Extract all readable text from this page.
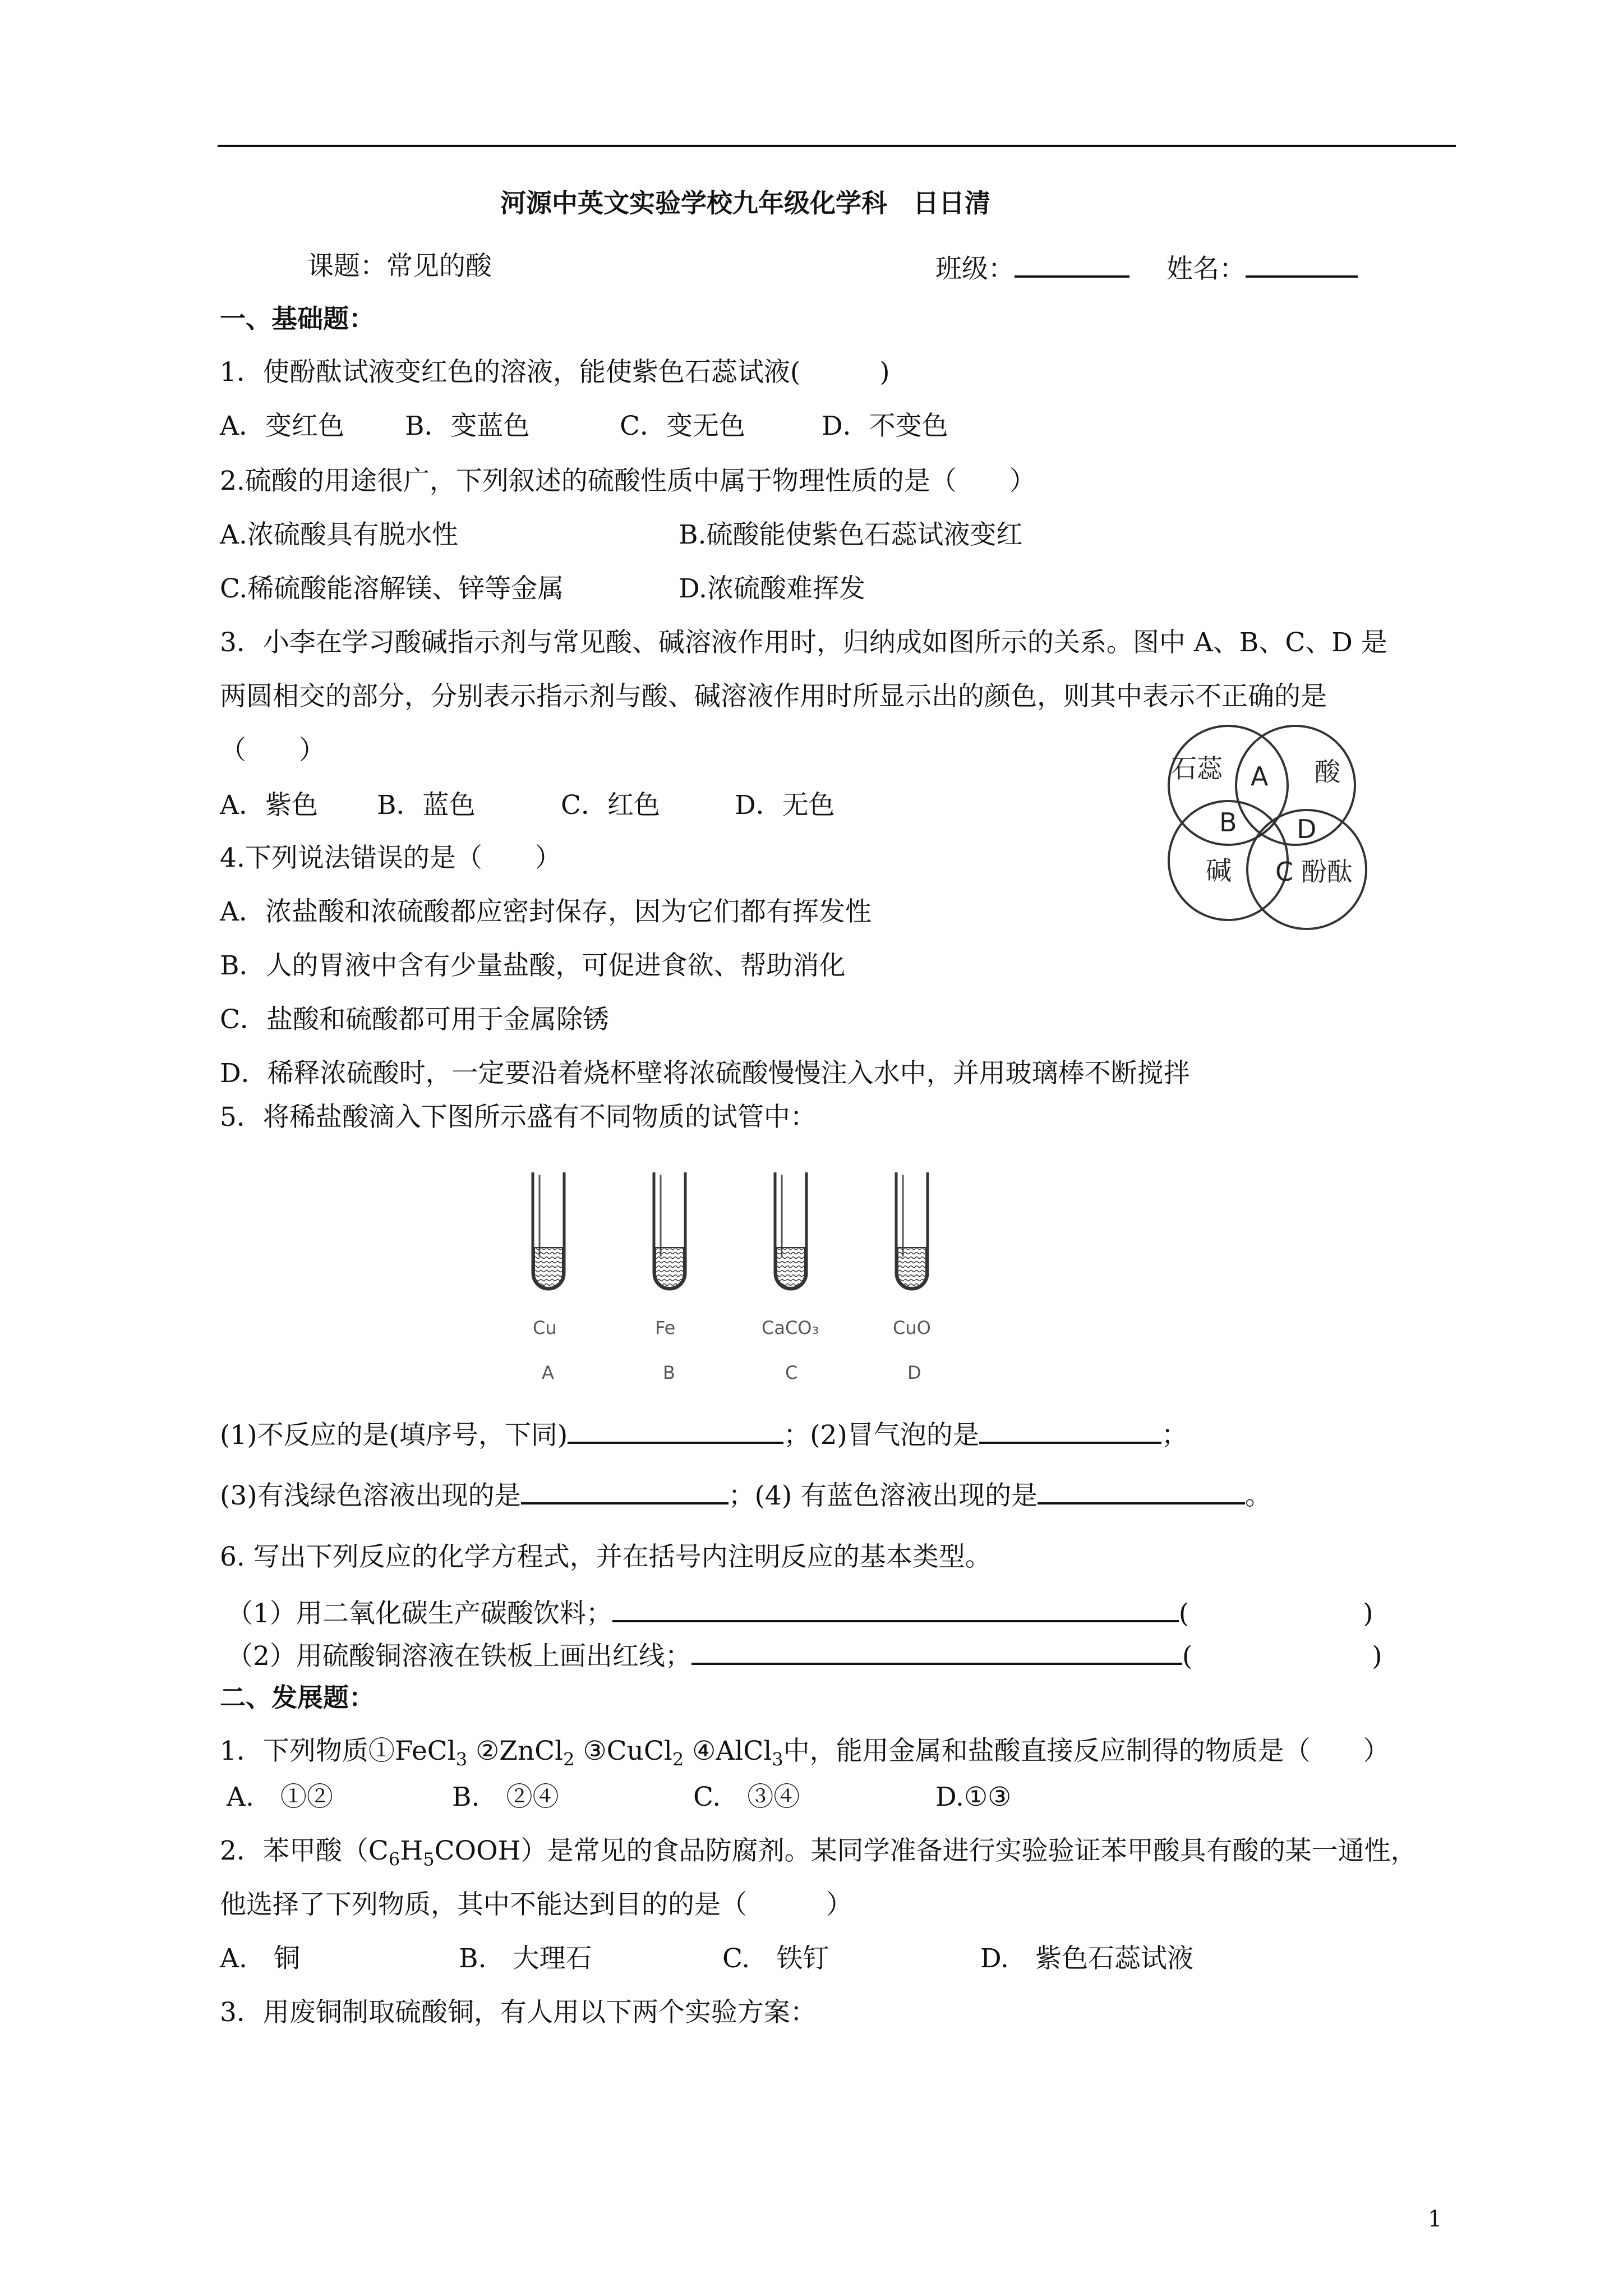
河源中英文实验学校九年级化学科　日日清
课题：常见的酸	班级：	姓名：
一、基础题：
1．使酚酞试液变红色的溶液，能使紫色石蕊试液(　　　)
A．变红色 B．变蓝色	C．变无色	D．不变色
2.硫酸的用途很广，下列叙述的硫酸性质中属于物理性质的是（　　）
A.浓硫酸具有脱水性	B.硫酸能使紫色石蕊试液变红
C.稀硫酸能溶解镁、锌等金属	D.浓硫酸难挥发
3．小李在学习酸碱指示剂与常见酸、碱溶液作用时，归纳成如图所示的关系。图中 A、B、C、D 是
两圆相交的部分，分别表示指示剂与酸、碱溶液作用时所显示出的颜色，则其中表示不正确的是
（　　）
A．紫色 B．蓝色	C．红色	D．无色
石蕊	酸
碱	酚酞
A
B
C
D
4.下列说法错误的是（　　）
A．浓盐酸和浓硫酸都应密封保存，因为它们都有挥发性
B．人的胃液中含有少量盐酸，可促进食欲、帮助消化
C．盐酸和硫酸都可用于金属除锈
D．稀释浓硫酸时，一定要沿着烧杯壁将浓硫酸慢慢注入水中，并用玻璃棒不断搅拌
5．将稀盐酸滴入下图所示盛有不同物质的试管中：
Cu
A
Fe
B
CaCO₃
C
CuO
D
(1)不反应的是(填序号，下同)	；(2)冒气泡的是	；
(3)有浅绿色溶液出现的是	；(4) 有蓝色溶液出现的是	。
6. 写出下列反应的化学方程式，并在括号内注明反应的基本类型。
（1）用二氧化碳生产碳酸饮料；	(	)
（2）用硫酸铜溶液在铁板上画出红线；	(	)
二、发展题：
1．下列物质①FeCl$_3$ ②ZnCl$_2$ ③CuCl$_2$ ④AlCl$_3$中，能用金属和盐酸直接反应制得的物质是（　　）
A.　①②	B.　②④	C.　③④	D.①③
2．苯甲酸$(C_6H_5COOH)$是常见的食品防腐剂。某同学准备进行实验验证苯甲酸具有酸的某一通性，
他选择了下列物质，其中不能达到目的的是（　　　）
A.　铜	B.　大理石	C.　铁钉	D.　紫色石蕊试液
3．用废铜制取硫酸铜，有人用以下两个实验方案：
1
